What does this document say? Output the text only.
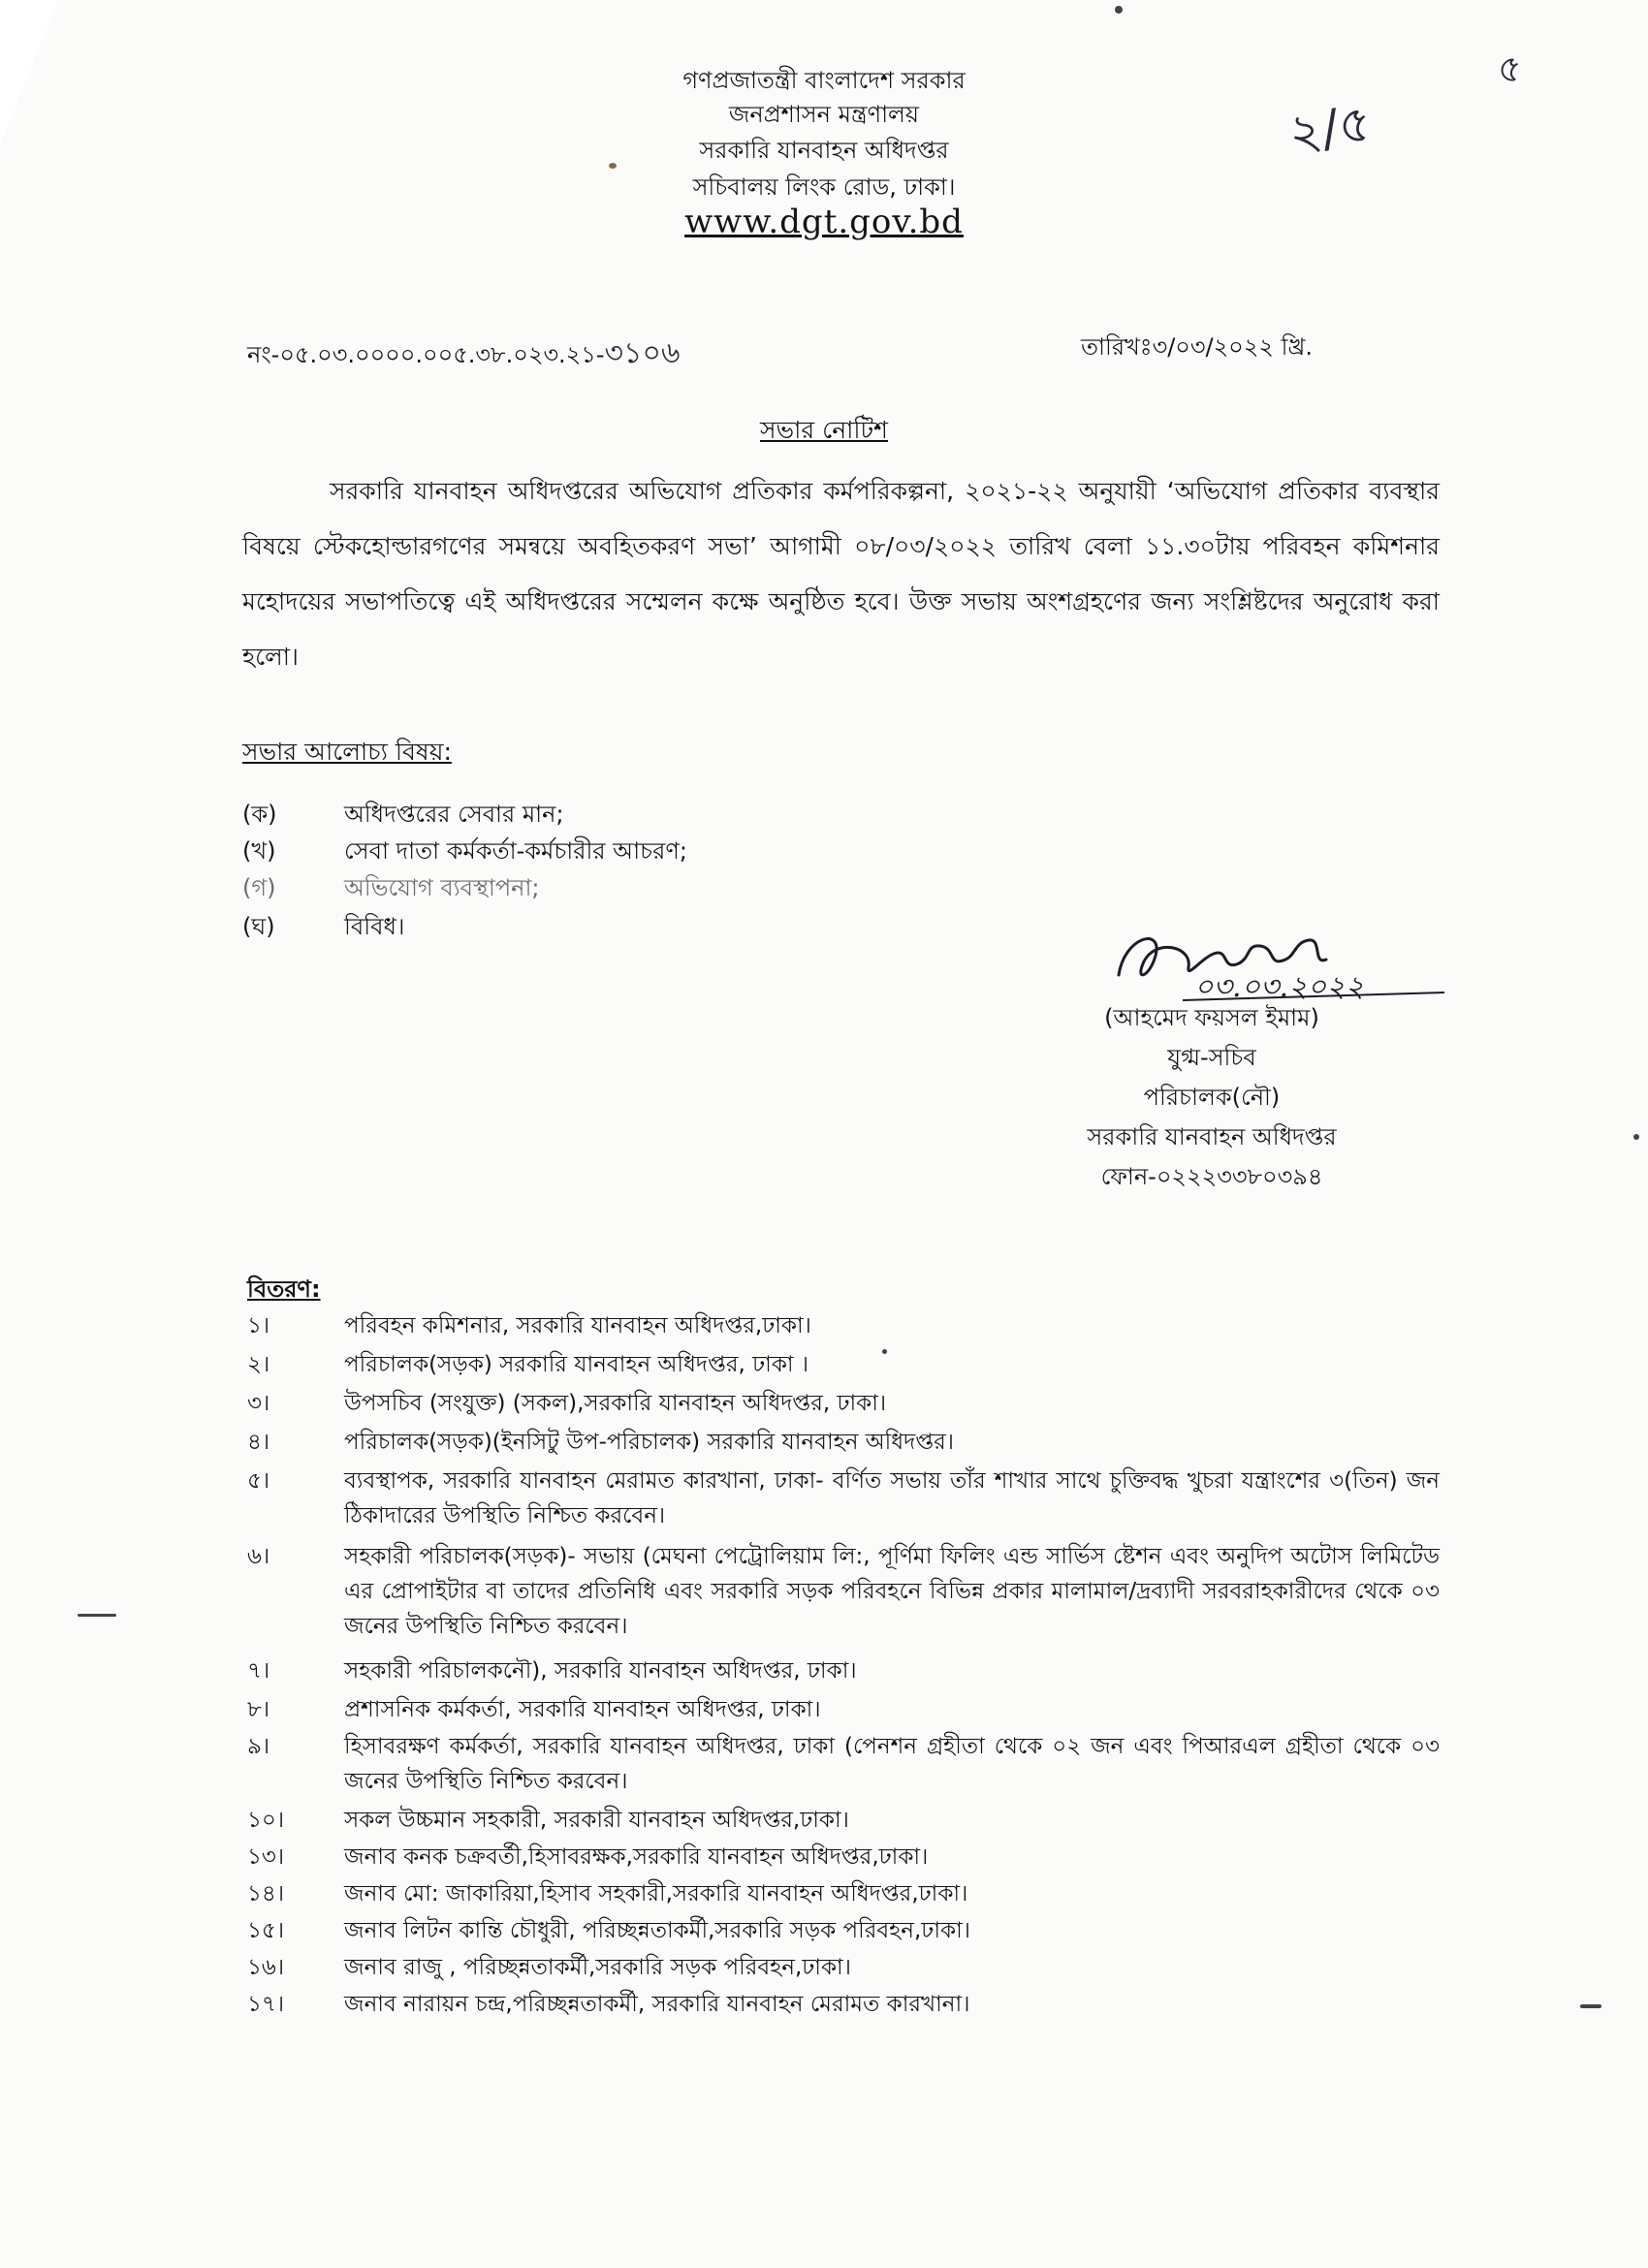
গণপ্রজাতন্ত্রী বাংলাদেশ সরকার
জনপ্রশাসন মন্ত্রণালয়
সরকারি যানবাহন অধিদপ্তর
সচিবালয় লিংক রোড, ঢাকা।
www.dgt.gov.bd
২/৫
৫
নং-০৫.০৩.০০০০.০০৫.৩৮.০২৩.২১-৩১০৬	তারিখঃ৩/০৩/২০২২ খ্রি.
সভার নোটিশ
সরকারি যানবাহন অধিদপ্তরের অভিযোগ প্রতিকার কর্মপরিকল্পনা, ২০২১-২২ অনুযায়ী ‘অভিযোগ প্রতিকার ব্যবস্থার বিষয়ে স্টেকহোল্ডারগণের সমন্বয়ে অবহিতকরণ সভা’ আগামী ০৮/০৩/২০২২ তারিখ বেলা ১১.৩০টায় পরিবহন কমিশনার মহোদয়ের সভাপতিত্বে এই অধিদপ্তরের সম্মেলন কক্ষে অনুষ্ঠিত হবে। উক্ত সভায় অংশগ্রহণের জন্য সংশ্লিষ্টদের অনুরোধ করা হলো।
সভার আলোচ্য বিষয়:
(ক)	অধিদপ্তরের সেবার মান;
(খ)	সেবা দাতা কর্মকর্তা-কর্মচারীর আচরণ;
(গ)	অভিযোগ ব্যবস্থাপনা;
(ঘ)	বিবিধ।
০৩.০৩.২০২২
(আহমেদ ফয়সল ইমাম)
যুগ্ম-সচিব
পরিচালক(নৌ)
সরকারি যানবাহন অধিদপ্তর
ফোন-০২২২৩৩৮০৩৯৪
বিতরণ:
১।	পরিবহন কমিশনার, সরকারি যানবাহন অধিদপ্তর,ঢাকা।
২।	পরিচালক(সড়ক) সরকারি যানবাহন অধিদপ্তর, ঢাকা ।
৩।	উপসচিব (সংযুক্ত) (সকল),সরকারি যানবাহন অধিদপ্তর, ঢাকা।
৪।	পরিচালক(সড়ক)(ইনসিটু উপ-পরিচালক) সরকারি যানবাহন অধিদপ্তর।
৫।	ব্যবস্থাপক, সরকারি যানবাহন মেরামত কারখানা, ঢাকা- বর্ণিত সভায় তাঁর শাখার সাথে চুক্তিবদ্ধ খুচরা যন্ত্রাংশের ৩(তিন) জন ঠিকাদারের উপস্থিতি নিশ্চিত করবেন।
৬।	সহকারী পরিচালক(সড়ক)- সভায় (মেঘনা পেট্রোলিয়াম লি:, পূর্ণিমা ফিলিং এন্ড সার্ভিস ষ্টেশন এবং অনুদিপ অটোস লিমিটেড এর প্রোপাইটার বা তাদের প্রতিনিধি এবং সরকারি সড়ক পরিবহনে বিভিন্ন প্রকার মালামাল/দ্রব্যাদী সরবরাহকারীদের থেকে ০৩ জনের উপস্থিতি নিশ্চিত করবেন।
৭।	সহকারী পরিচালকনৌ), সরকারি যানবাহন অধিদপ্তর, ঢাকা।
৮।	প্রশাসনিক কর্মকর্তা, সরকারি যানবাহন অধিদপ্তর, ঢাকা।
৯।	হিসাবরক্ষণ কর্মকর্তা, সরকারি যানবাহন অধিদপ্তর, ঢাকা (পেনশন গ্রহীতা থেকে ০২ জন এবং পিআরএল গ্রহীতা থেকে ০৩ জনের উপস্থিতি নিশ্চিত করবেন।
১০।	সকল উচ্চমান সহকারী, সরকারী যানবাহন অধিদপ্তর,ঢাকা।
১৩।	জনাব কনক চক্রবর্তী,হিসাবরক্ষক,সরকারি যানবাহন অধিদপ্তর,ঢাকা।
১৪।	জনাব মো: জাকারিয়া,হিসাব সহকারী,সরকারি যানবাহন অধিদপ্তর,ঢাকা।
১৫।	জনাব লিটন কান্তি চৌধুরী, পরিচ্ছন্নতাকর্মী,সরকারি সড়ক পরিবহন,ঢাকা।
১৬।	জনাব রাজু , পরিচ্ছন্নতাকর্মী,সরকারি সড়ক পরিবহন,ঢাকা।
১৭।	জনাব নারায়ন চন্দ্র,পরিচ্ছন্নতাকর্মী, সরকারি যানবাহন মেরামত কারখানা।
